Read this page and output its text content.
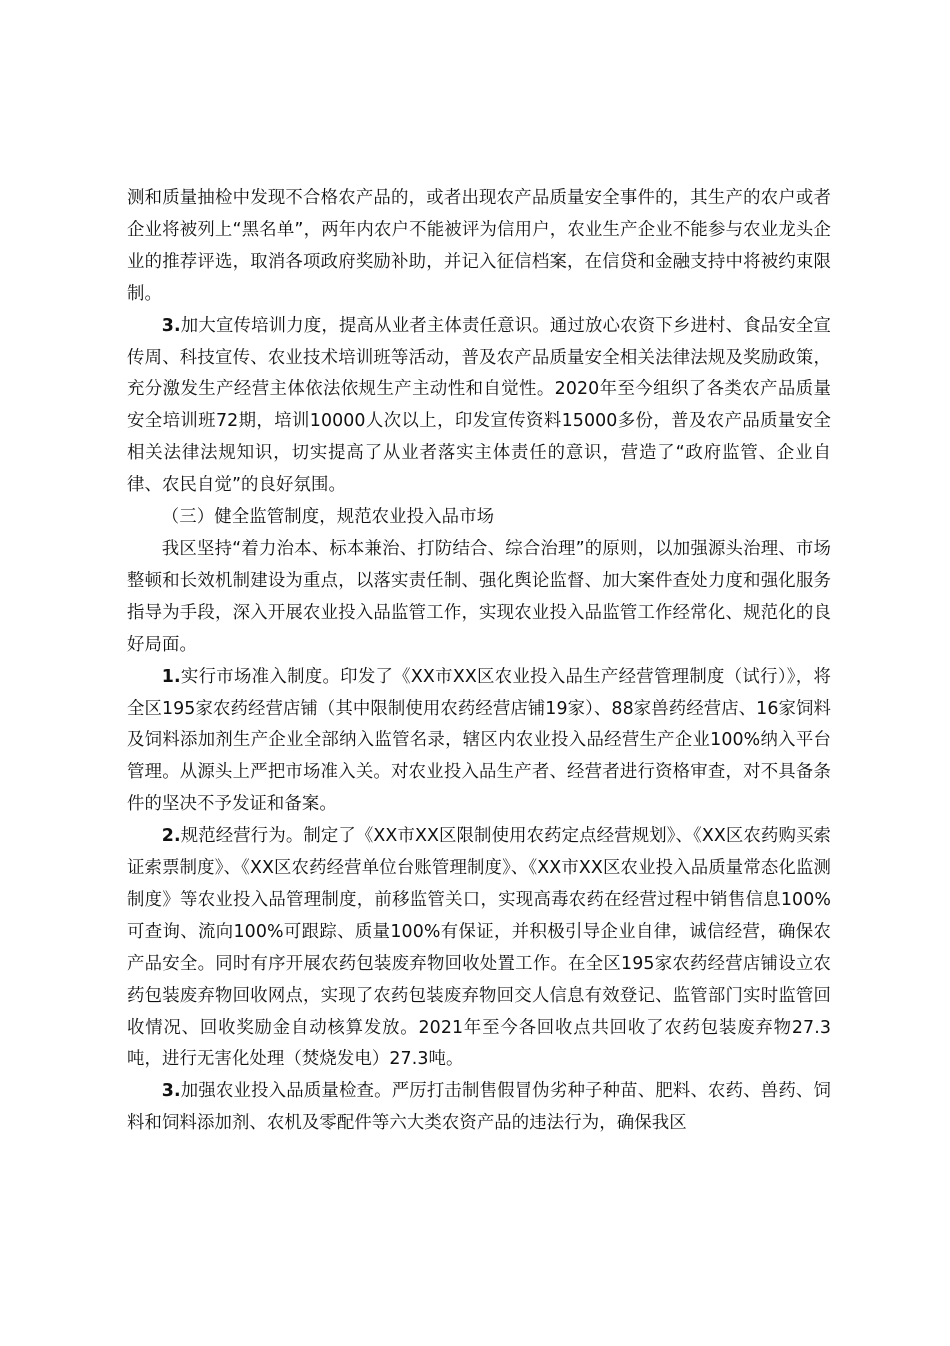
测和质量抽检中发现不合格农产品的，或者出现农产品质量安全事件的，其生产的农户或者企业将被列上“黑名单”，两年内农户不能被评为信用户，农业生产企业不能参与农业龙头企业的推荐评选，取消各项政府奖励补助，并记入征信档案，在信贷和金融支持中将被约束限制。

3.加大宣传培训力度，提高从业者主体责任意识。通过放心农资下乡进村、食品安全宣传周、科技宣传、农业技术培训班等活动，普及农产品质量安全相关法律法规及奖励政策，充分激发生产经营主体依法依规生产主动性和自觉性。2020年至今组织了各类农产品质量安全培训班72期，培训10000人次以上，印发宣传资料15000多份，普及农产品质量安全相关法律法规知识，切实提高了从业者落实主体责任的意识，营造了“政府监管、企业自律、农民自觉”的良好氛围。

（三）健全监管制度，规范农业投入品市场

我区坚持“着力治本、标本兼治、打防结合、综合治理”的原则，以加强源头治理、市场整顿和长效机制建设为重点，以落实责任制、强化舆论监督、加大案件查处力度和强化服务指导为手段，深入开展农业投入品监管工作，实现农业投入品监管工作经常化、规范化的良好局面。

1.实行市场准入制度。印发了《XX市XX区农业投入品生产经营管理制度（试行）》，将全区195家农药经营店铺（其中限制使用农药经营店铺19家）、88家兽药经营店、16家饲料及饲料添加剂生产企业全部纳入监管名录，辖区内农业投入品经营生产企业100%纳入平台管理。从源头上严把市场准入关。对农业投入品生产者、经营者进行资格审查，对不具备条件的坚决不予发证和备案。

2.规范经营行为。制定了《XX市XX区限制使用农药定点经营规划》、《XX区农药购买索证索票制度》、《XX区农药经营单位台账管理制度》、《XX市XX区农业投入品质量常态化监测制度》等农业投入品管理制度，前移监管关口，实现高毒农药在经营过程中销售信息100%可查询、流向100%可跟踪、质量100%有保证，并积极引导企业自律，诚信经营，确保农产品安全。同时有序开展农药包装废弃物回收处置工作。在全区195家农药经营店铺设立农药包装废弃物回收网点，实现了农药包装废弃物回交人信息有效登记、监管部门实时监管回收情况、回收奖励金自动核算发放。2021年至今各回收点共回收了农药包装废弃物27.3吨，进行无害化处理（焚烧发电）27.3吨。

3.加强农业投入品质量检查。严厉打击制售假冒伪劣种子种苗、肥料、农药、兽药、饲料和饲料添加剂、农机及零配件等六大类农资产品的违法行为，确保我区
